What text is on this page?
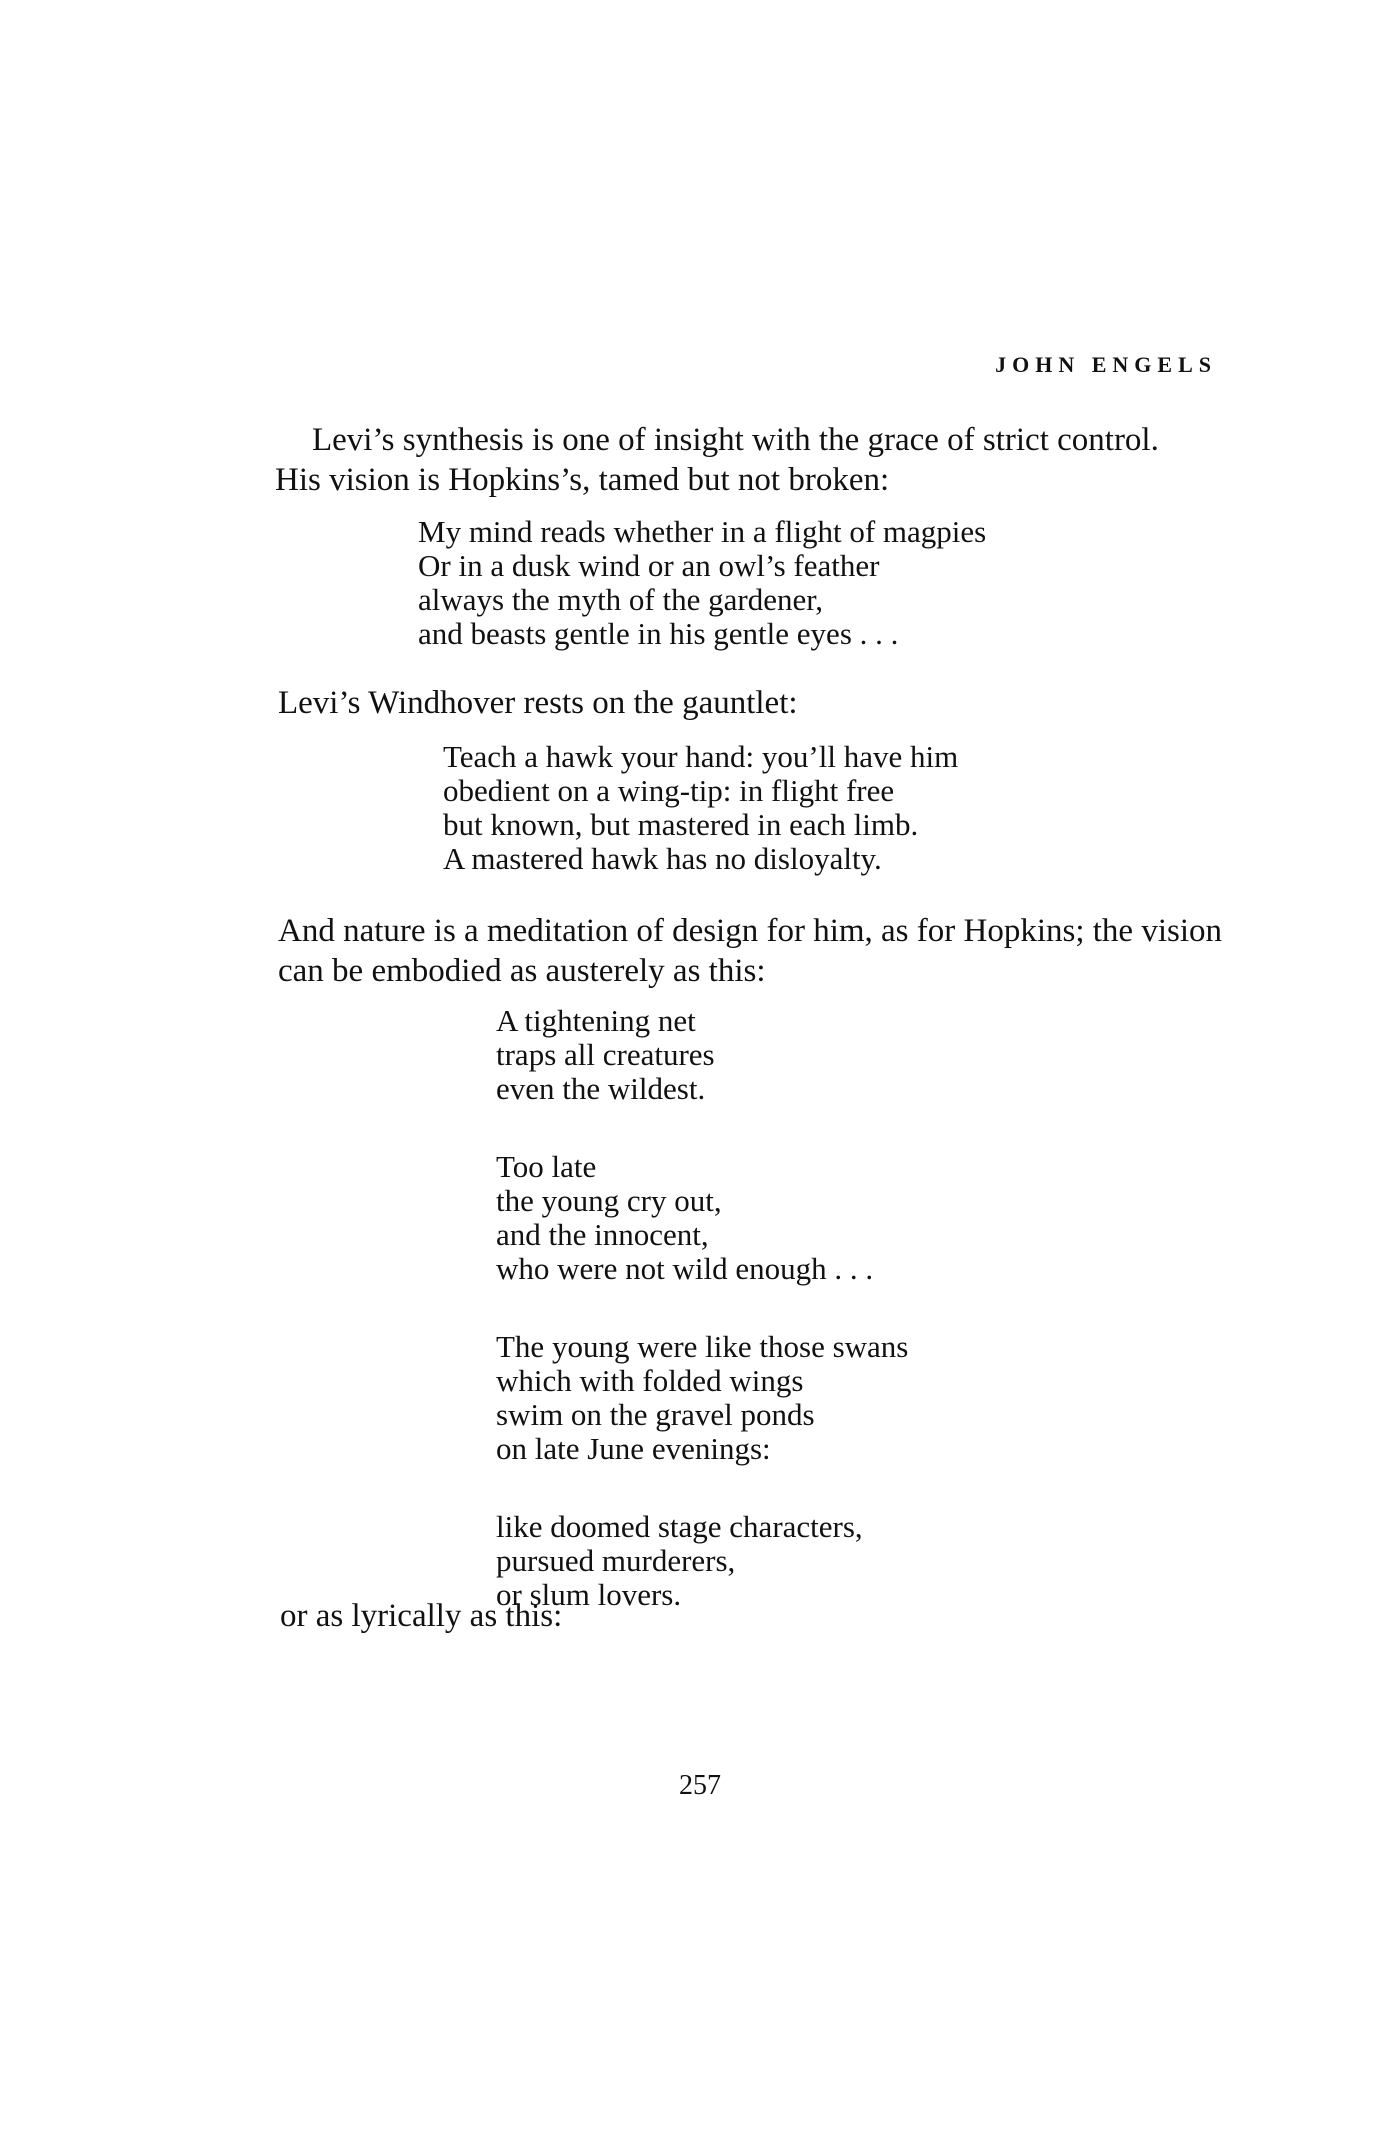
JOHN ENGELS

Levi’s synthesis is one of insight with the grace of strict control.

His vision is Hopkins’s, tamed but not broken:

My mind reads whether in a flight of magpies
Or in a dusk wind or an owl’s feather
always the myth of the gardener,
and beasts gentle in his gentle eyes . . .

Levi’s Windhover rests on the gauntlet:

Teach a hawk your hand: you’ll have him
obedient on a wing-tip: in flight free
but known, but mastered in each limb.
A mastered hawk has no disloyalty.

And nature is a meditation of design for him, as for Hopkins; the vision

can be embodied as austerely as this:

A tightening net
traps all creatures
even the wildest.
Too late
the young cry out,
and the innocent,
who were not wild enough . . .
The young were like those swans
which with folded wings
swim on the gravel ponds
on late June evenings:
like doomed stage characters,
pursued murderers,
or slum lovers.

or as lyrically as this:

257
